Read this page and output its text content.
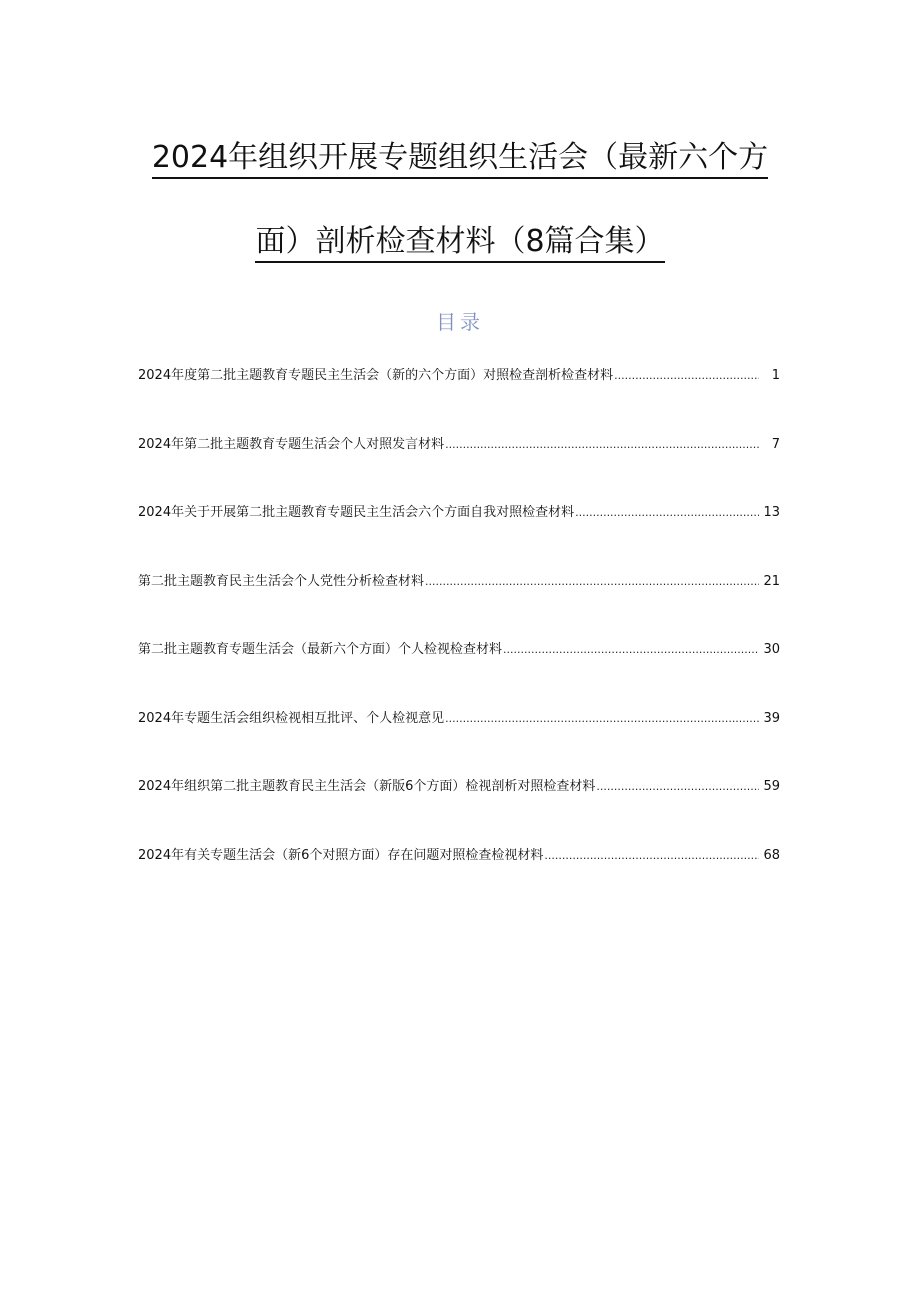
2024年组织开展专题组织生活会（最新六个方
面）剖析检查材料（8篇合集）
目录
2024年度第二批主题教育专题民主生活会（新的六个方面）对照检查剖析检查材料 .....	1
2024年第二批主题教育专题生活会个人对照发言材料 .....	7
2024年关于开展第二批主题教育专题民主生活会六个方面自我对照检查材料 .....	13
第二批主题教育民主生活会个人党性分析检查材料 .....	21
第二批主题教育专题生活会（最新六个方面）个人检视检查材料 .....	30
2024年专题生活会组织检视相互批评、个人检视意见 .....	39
2024年组织第二批主题教育民主生活会（新版6个方面）检视剖析对照检查材料 .....	59
2024年有关专题生活会（新6个对照方面）存在问题对照检查检视材料 .....	68
